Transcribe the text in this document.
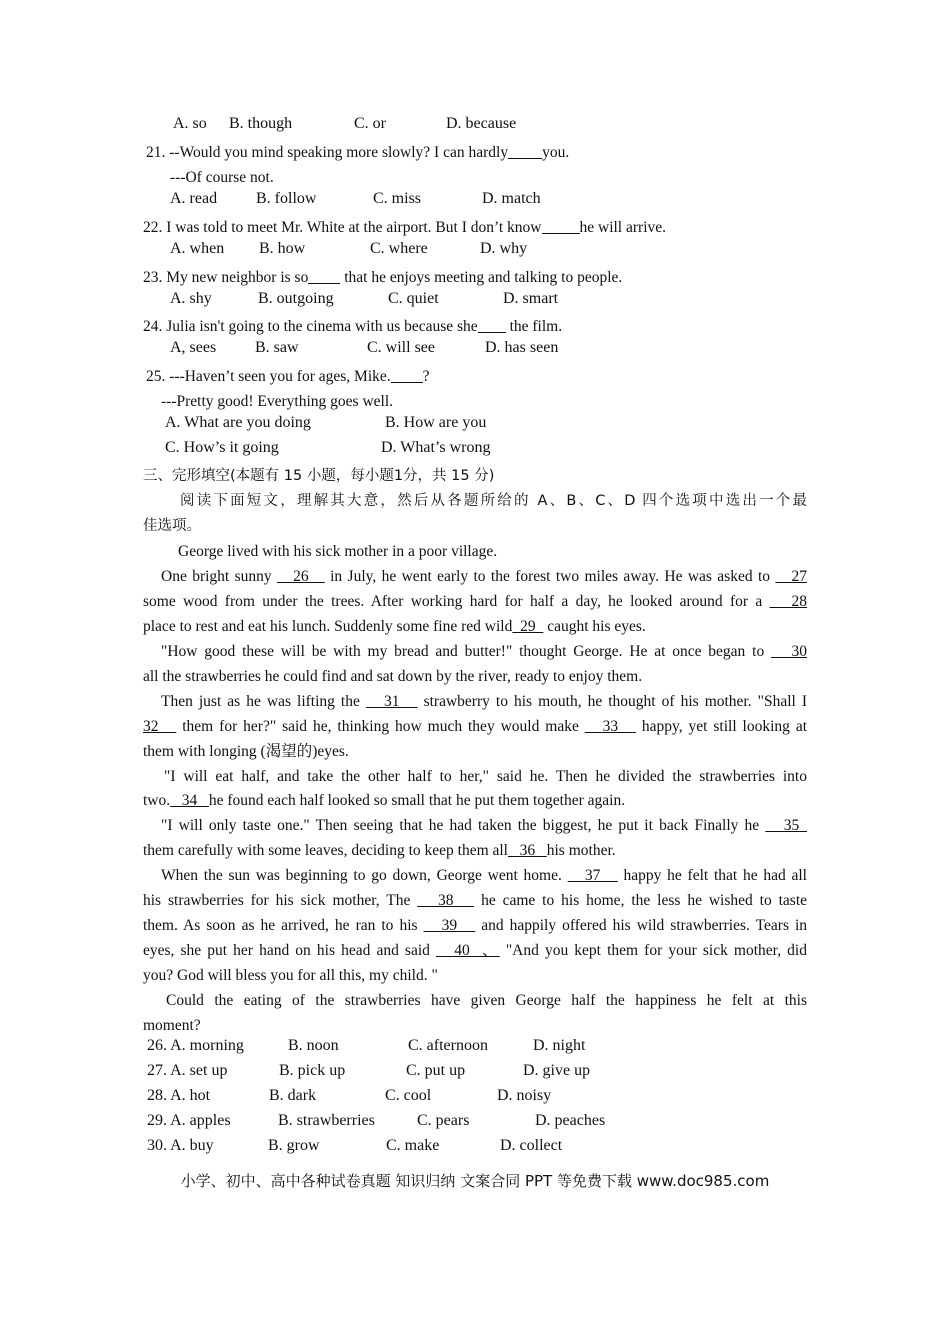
A. so B. though	C. or	D. because
21. --Would you mind speaking more slowly? I can hardly you.
---Of course not.
A. read B. follow	C. miss	D. match
22. I was told to meet Mr. White at the airport. But I don’t know he will arrive.
A. when B. how	C. where	D. why
23. My new neighbor is so that he enjoys meeting and talking to people.
A. shy	B. outgoing	C. quiet	D. smart
24. Julia isn't going to the cinema with us because she the film.
A, sees B. saw	C. will see	D. has seen
25. ---Haven’t seen you for ages, Mike. ?
---Pretty good! Everything goes well.
A. What are you doing	B. How are you
C. How’s it going	D. What’s wrong
三、完形填空(本题有 15 小题，每小题1分，共 15 分)
阅读下面短文，理解其大意，然后从各题所给的 A、B、C、D 四个选项中选出一个最
佳选项。
George lived with his sick mother in a poor village.
One bright sunny    26    in July, he went early to the forest two miles away. He was asked to    27
some wood from under the trees. After working hard for half a day, he looked around for a    28
place to rest and eat his lunch. Suddenly some fine red wild  29   caught his eyes.
"How good these will be with my bread and butter!" thought George. He at once began to    30
all the strawberries he could find and sat down by the river, ready to enjoy them.
Then just as he was lifting the    31    strawberry to his mouth, he thought of his mother. "Shall I
32    them for her?" said he, thinking how much they would make    33    happy, yet still looking at
them with longing (渴望的)eyes.
"I will eat half, and take the other half to her," said he. Then he divided the strawberries into
two.   34   he found each half looked so small that he put them together again.
"I will only taste one." Then seeing that he had taken the biggest, he put it back Finally he    35
them carefully with some leaves, deciding to keep them all   36   his mother.
When the sun was beginning to go down, George went home.    37    happy he felt that he had all
his strawberries for his sick mother, The    38    he came to his home, the less he wished to taste
them. As soon as he arrived, he ran to his    39    and happily offered his wild strawberries. Tears in
eyes, she put her hand on his head and said    40  、 "And you kept them for your sick mother, did
you? God will bless you for all this, my child. "
Could the eating of the strawberries have given George half the happiness he felt at this
moment?
26. A. morning	B. noon	C. afternoon	D. night
27. A. set up	B. pick up	C. put up	D. give up
28. A. hot	B. dark	C. cool	D. noisy
29. A. apples	B. strawberries	C. pears	D. peaches
30. A. buy	B. grow	C. make	D. collect
小学、初中、高中各种试卷真题 知识归纳 文案合同 PPT 等免费下载 www.doc985.com
